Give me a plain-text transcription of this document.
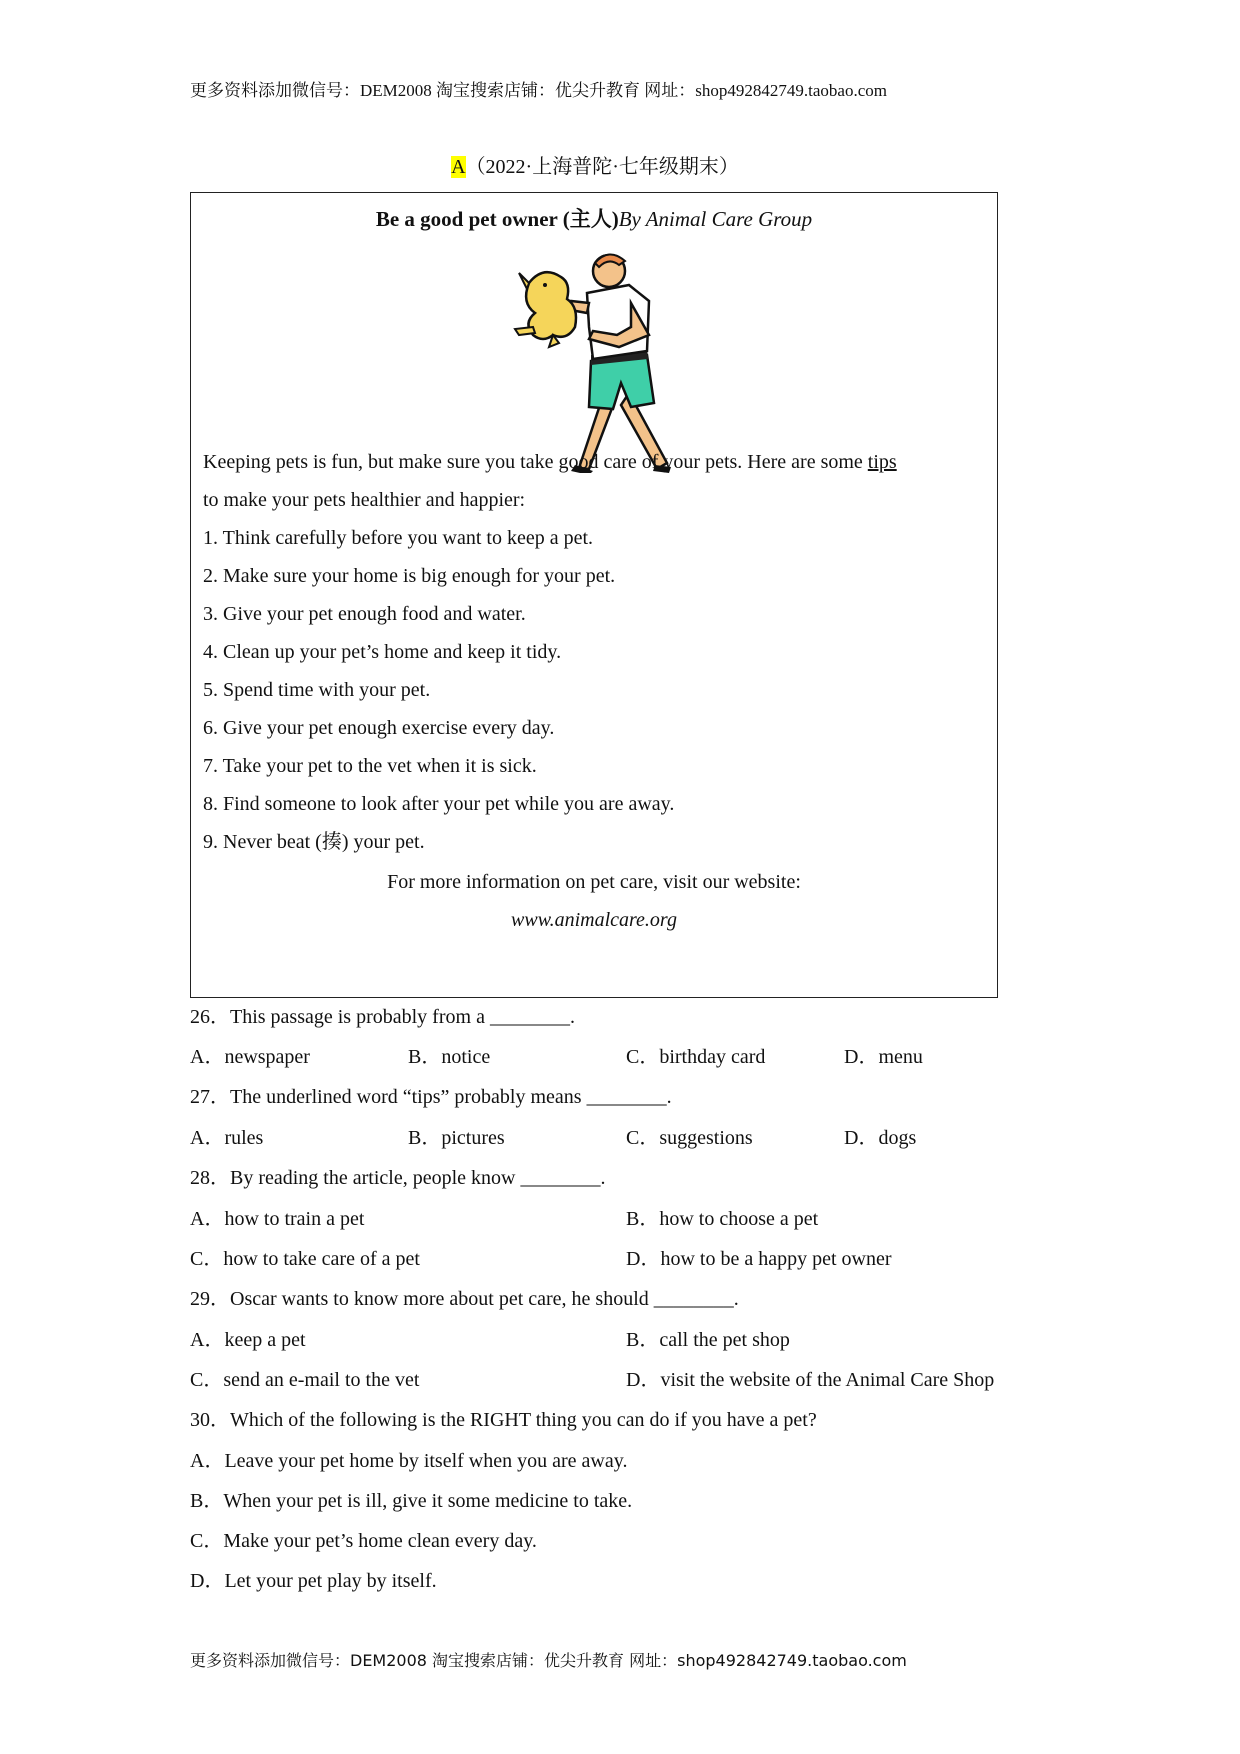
更多资料添加微信号：DEM2008 淘宝搜索店铺：优尖升教育 网址：shop492842749.taobao.com
A（2022·上海普陀·七年级期末）
Be a good pet owner (主人)By Animal Care Group
Keeping pets is fun, but make sure you take good care of your pets. Here are some tips
to make your pets healthier and happier:
1. Think carefully before you want to keep a pet.
2. Make sure your home is big enough for your pet.
3. Give your pet enough food and water.
4. Clean up your pet’s home and keep it tidy.
5. Spend time with your pet.
6. Give your pet enough exercise every day.
7. Take your pet to the vet when it is sick.
8. Find someone to look after your pet while you are away.
9. Never beat (揍) your pet.
For more information on pet care, visit our website:
www.animalcare.org
26．This passage is probably from a ________.
A．newspaper	B．notice	C．birthday card	D．menu
27．The underlined word “tips” probably means ________.
A．rules	B．pictures	C．suggestions	D．dogs
28．By reading the article, people know ________.
A．how to train a pet	B．how to choose a pet
C．how to take care of a pet	D．how to be a happy pet owner
29．Oscar wants to know more about pet care, he should ________.
A．keep a pet	B．call the pet shop
C．send an e-mail to the vet	D．visit the website of the Animal Care Shop
30．Which of the following is the RIGHT thing you can do if you have a pet?
A．Leave your pet home by itself when you are away.
B．When your pet is ill, give it some medicine to take.
C．Make your pet’s home clean every day.
D．Let your pet play by itself.
更多资料添加微信号：DEM2008 淘宝搜索店铺：优尖升教育 网址：shop492842749.taobao.com
